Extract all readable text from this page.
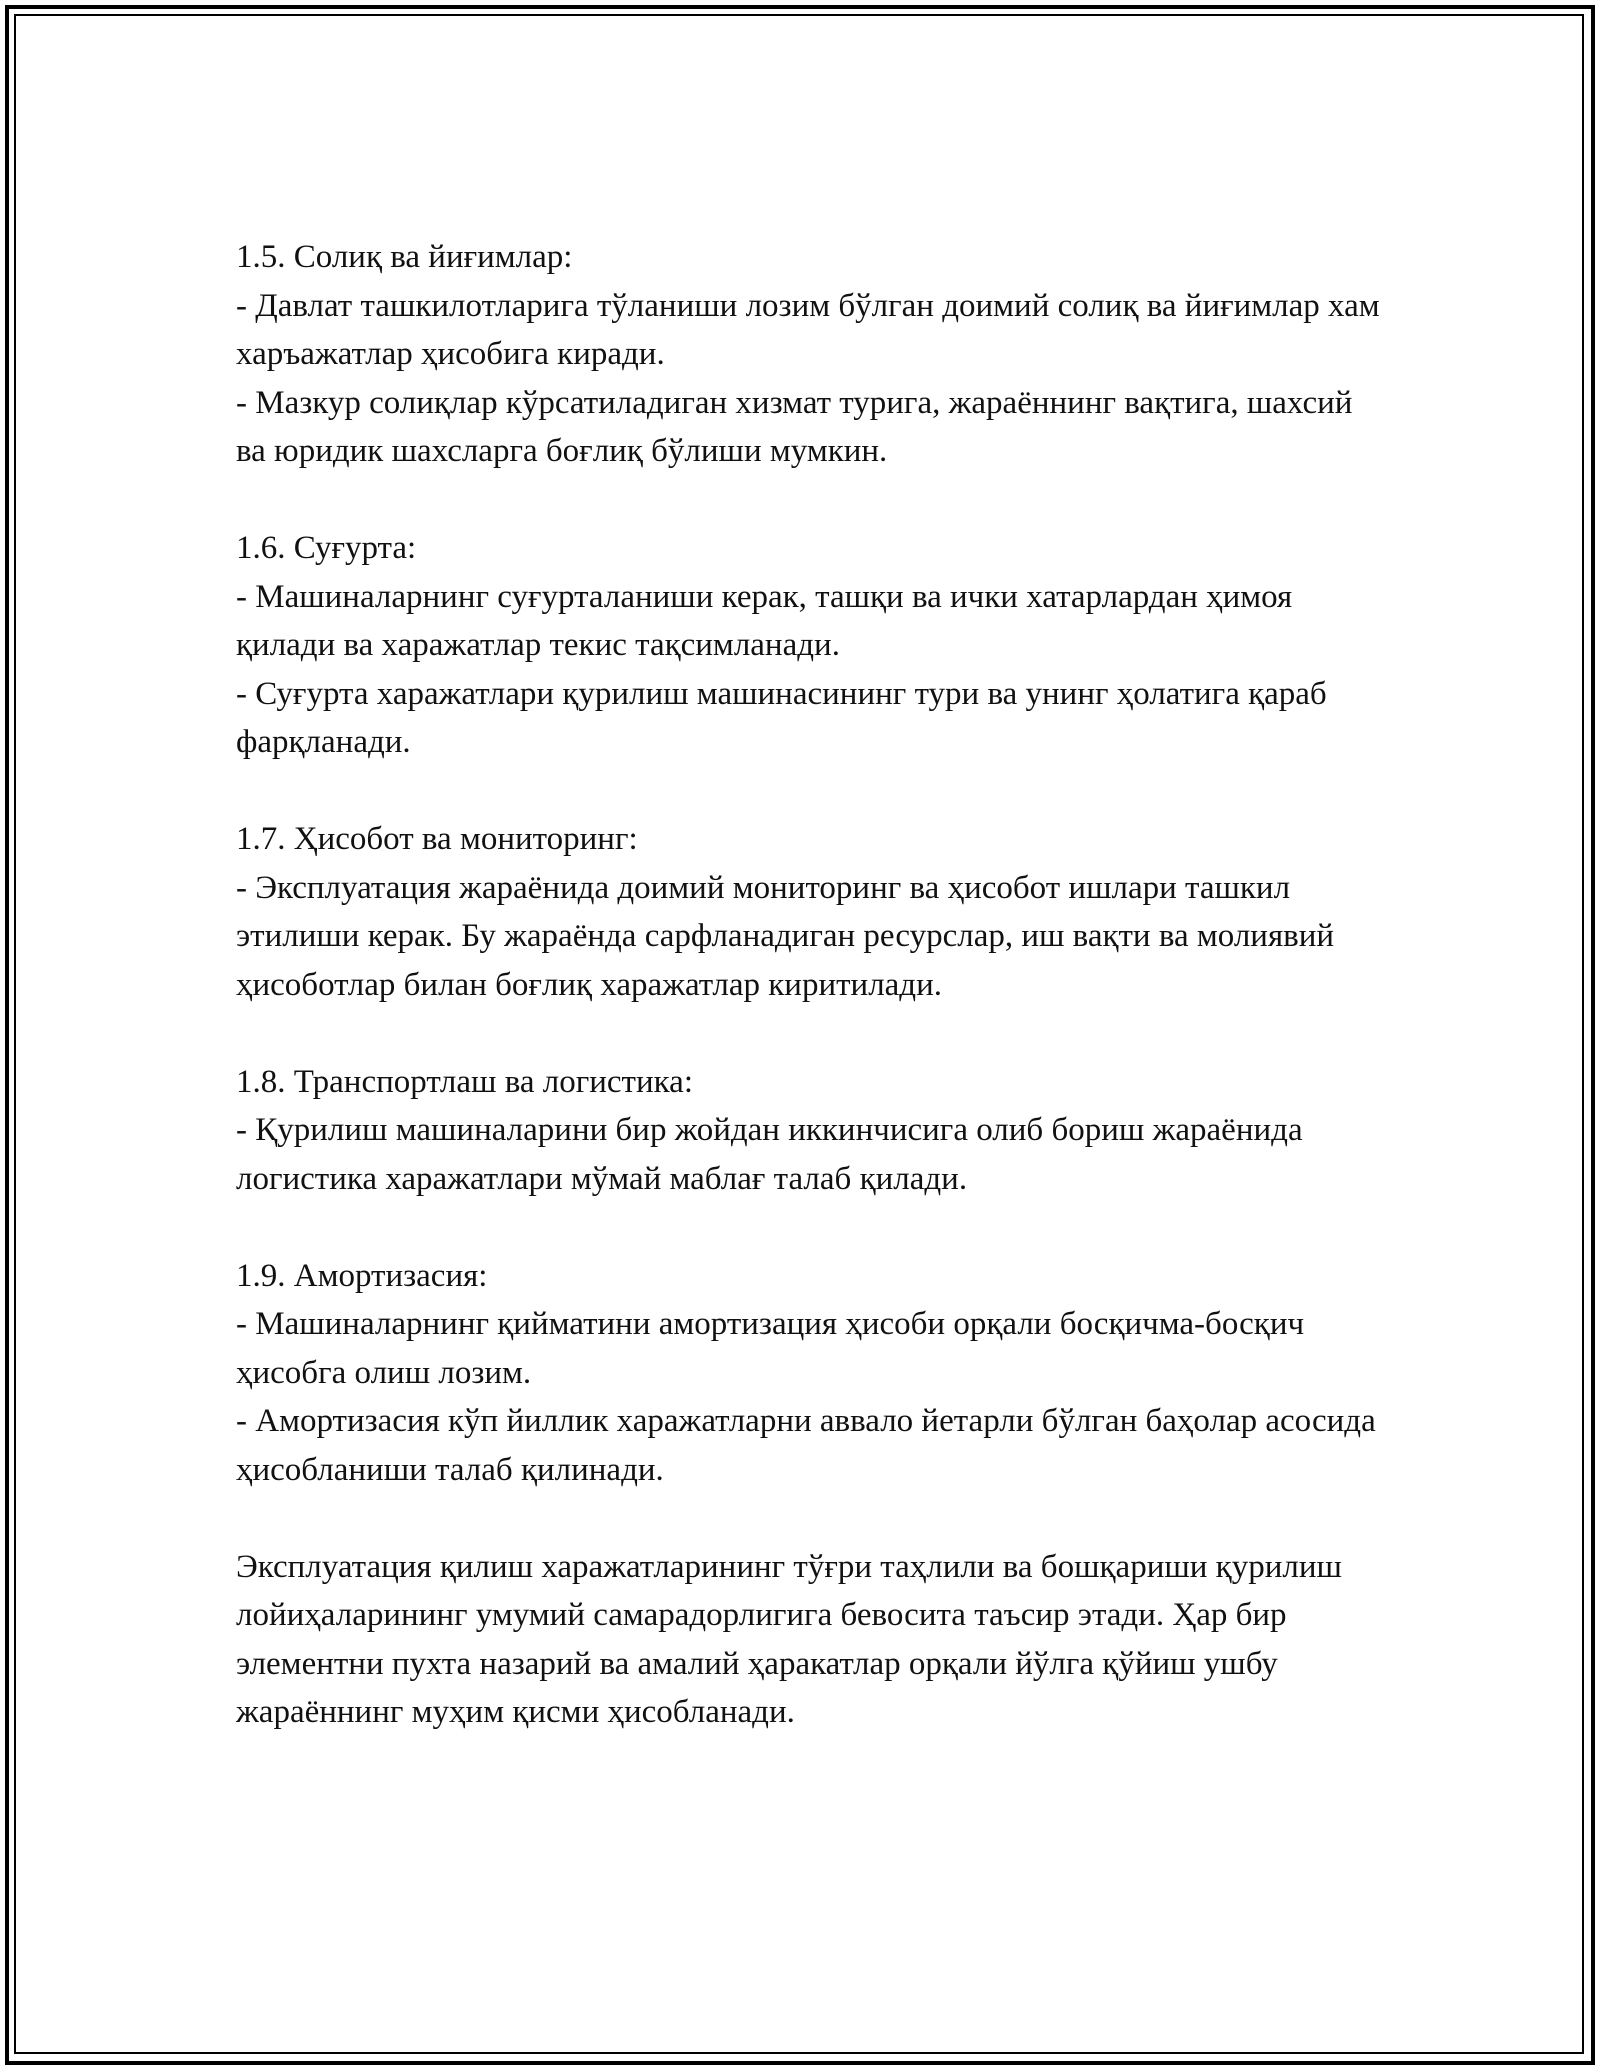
1.5. Солиқ ва йиғимлар:

- Давлат ташкилотларига тўланиши лозим бўлган доимий солиқ ва йиғимлар хам харъажатлар ҳисобига киради.

- Мазкур солиқлар кўрсатиладиган хизмат турига, жараённинг вақтига, шахсий ва юридик шахсларга боғлиқ бўлиши мумкин.

1.6. Суғурта:

- Машиналарнинг суғурталаниши керак, ташқи ва ички хатарлардан ҳимоя қилади ва харажатлар текис тақсимланади.

- Суғурта харажатлари қурилиш машинасининг тури ва унинг ҳолатига қараб фарқланади.

1.7. Ҳисобот ва мониторинг:

- Эксплуатация жараёнида доимий мониторинг ва ҳисобот ишлари ташкил этилиши керак. Бу жараёнда сарфланадиган ресурслар, иш вақти ва молиявий ҳисоботлар билан боғлиқ харажатлар киритилади.

1.8. Транспортлаш ва логистика:

- Қурилиш машиналарини бир жойдан иккинчисига олиб бориш жараёнида логистика харажатлари мўмай маблағ талаб қилади.

1.9. Амортизасия:

- Машиналарнинг қийматини амортизация ҳисоби орқали босқичма-босқич ҳисобга олиш лозим.

- Амортизасия кўп йиллик харажатларни аввало йетарли бўлган баҳолар асосида ҳисобланиши талаб қилинади.

Эксплуатация қилиш харажатларининг тўғри таҳлили ва бошқариши қурилиш лойиҳаларининг умумий самарадорлигига бевосита таъсир этади. Ҳар бир элементни пухта назарий ва амалий ҳаракатлар орқали йўлга қўйиш ушбу жараённинг муҳим қисми ҳисобланади.
